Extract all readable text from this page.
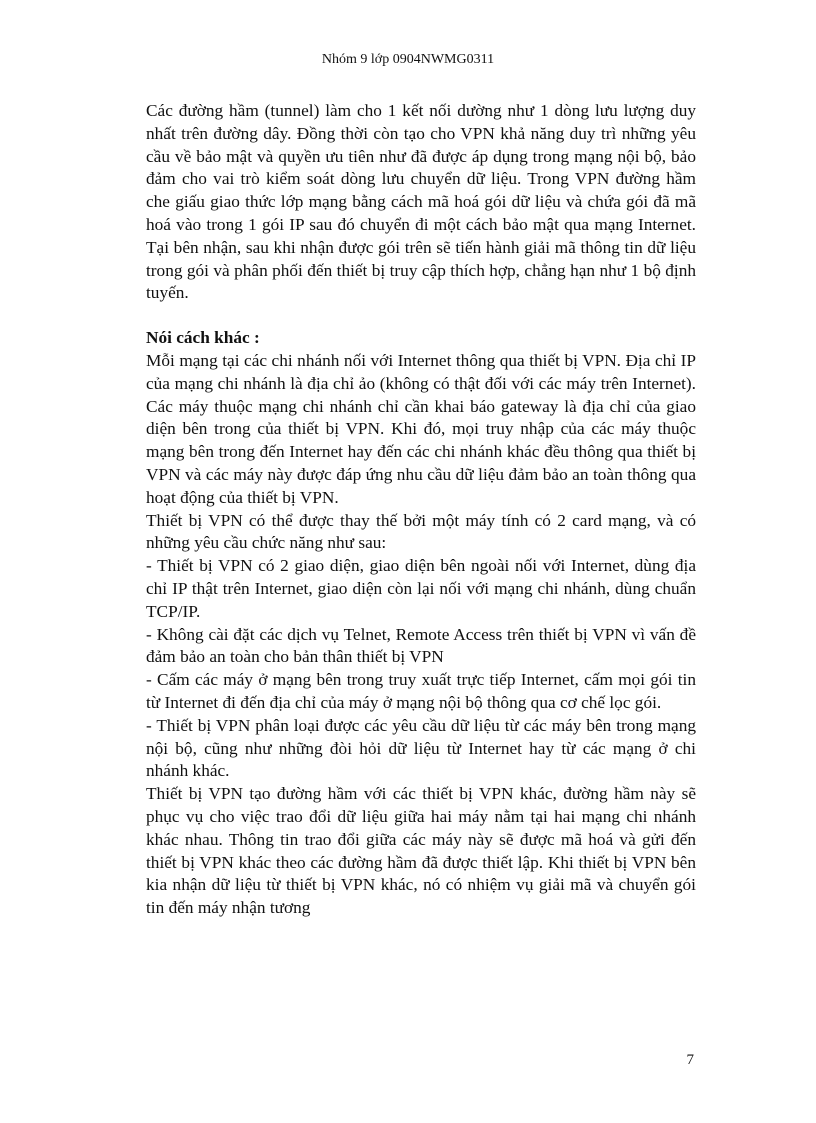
Nhóm 9 lớp 0904NWMG0311

Các đường hầm (tunnel) làm cho 1 kết nối dường như 1 dòng lưu lượng duy nhất trên đường dây. Đồng thời còn tạo cho VPN khả năng duy trì những yêu cầu về bảo mật và quyền ưu tiên như đã được áp dụng trong mạng nội bộ, bảo đảm cho vai trò kiểm soát dòng lưu chuyển dữ liệu. Trong VPN đường hầm che giấu giao thức lớp mạng bằng cách mã hoá gói dữ liệu và chứa gói đã mã hoá vào trong 1 gói IP sau đó chuyển đi một cách bảo mật qua mạng Internet. Tại bên nhận, sau khi nhận được gói trên sẽ tiến hành giải mã thông tin dữ liệu trong gói và phân phối đến thiết bị truy cập thích hợp, chẳng hạn như 1 bộ định tuyến.

Nói cách khác :

Mỗi mạng tại các chi nhánh nối với Internet thông qua thiết bị VPN. Địa chỉ IP của mạng chi nhánh là địa chỉ ảo (không có thật đối với các máy trên Internet). Các máy thuộc mạng chi nhánh chỉ cần khai báo gateway là địa chỉ của giao diện bên trong của thiết bị VPN. Khi đó, mọi truy nhập của các máy thuộc mạng bên trong đến Internet hay đến các chi nhánh khác đều thông qua thiết bị VPN và các máy này được đáp ứng nhu cầu dữ liệu đảm bảo an toàn thông qua hoạt động của thiết bị VPN.

Thiết bị VPN có thể được thay thế bởi một máy tính có 2 card mạng, và có những yêu cầu chức năng như sau:

- Thiết bị VPN có 2 giao diện, giao diện bên ngoài nối với Internet, dùng địa chỉ IP thật trên Internet, giao diện còn lại nối với mạng chi nhánh, dùng chuẩn TCP/IP.

- Không cài đặt các dịch vụ Telnet, Remote Access trên thiết bị VPN vì vấn đề đảm bảo an toàn cho bản thân thiết bị VPN

- Cấm các máy ở mạng bên trong truy xuất trực tiếp Internet, cấm mọi gói tin từ Internet đi đến địa chỉ của máy ở mạng nội bộ thông qua cơ chế lọc gói.

- Thiết bị VPN phân loại được các yêu cầu dữ liệu từ các máy bên trong mạng nội bộ, cũng như những đòi hỏi dữ liệu từ Internet hay từ các mạng ở chi nhánh khác.

Thiết bị VPN tạo đường hầm với các thiết bị VPN khác, đường hầm này sẽ phục vụ cho việc trao đổi dữ liệu giữa hai máy nằm tại hai mạng chi nhánh khác nhau. Thông tin trao đổi giữa các máy này sẽ được mã hoá và gửi đến thiết bị VPN khác theo các đường hầm đã được thiết lập. Khi thiết bị VPN bên kia nhận dữ liệu từ thiết bị VPN khác, nó có nhiệm vụ giải mã và chuyển gói tin đến máy nhận tương

7
